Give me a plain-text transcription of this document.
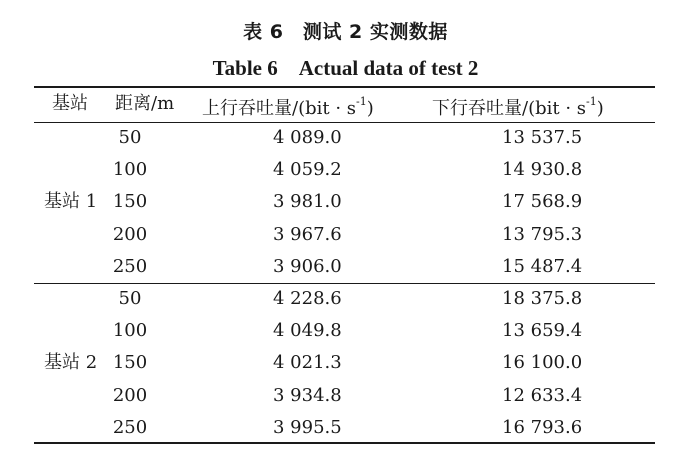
表 6　测试 2 实测数据
Table 6　Actual data of test 2
基站 距离/m 上行吞吐量$/(bit \cdot s^{-1})$	下行吞吐量$/(bit \cdot s^{-1})$
基站 1
50	4 089.0	13 537.5
100	4 059.2	14 930.8
150	3 981.0	17 568.9
200	3 967.6	13 795.3
250	3 906.0	15 487.4
基站 2
50	4 228.6	18 375.8
100	4 049.8	13 659.4
150	4 021.3	16 100.0
200	3 934.8	12 633.4
250	3 995.5	16 793.6
